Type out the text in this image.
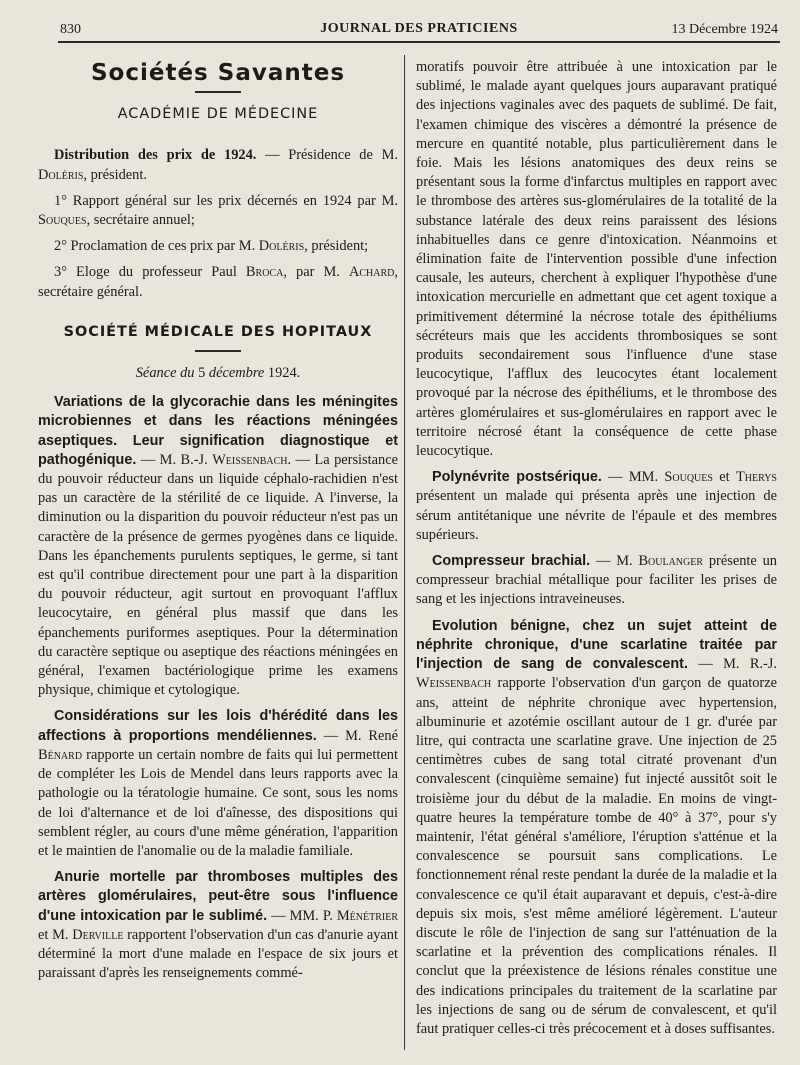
830	JOURNAL DES PRATICIENS	13 Décembre 1924
Sociétés Savantes
ACADÉMIE DE MÉDECINE

Distribution des prix de 1924. — Présidence de M. Doléris, président.

1° Rapport général sur les prix décernés en 1924 par M. Souques, secrétaire annuel;

2° Proclamation de ces prix par M. Doléris, président;

3° Eloge du professeur Paul Broca, par M. Achard, secrétaire général.

SOCIÉTÉ MÉDICALE DES HOPITAUX
Séance du 5 décembre 1924.

Variations de la glycorachie dans les méningites microbiennes et dans les réactions méningées aseptiques. Leur signification diagnostique et pathogénique. — M. B.-J. Weissenbach. — La persistance du pouvoir réducteur dans un liquide céphalo-rachidien n'est pas un caractère de la stérilité de ce liquide. A l'inverse, la diminution ou la disparition du pouvoir réducteur n'est pas un caractère de la présence de germes pyogènes dans ce liquide. Dans les épanchements purulents septiques, le germe, si tant est qu'il contribue directement pour une part à la disparition du pouvoir réducteur, agit surtout en provoquant l'afflux leucocytaire, en général plus massif que dans les épanchements puriformes aseptiques. Pour la détermination du caractère septique ou aseptique des réactions méningées en général, l'examen bactériologique prime les examens physique, chimique et cytologique.

Considérations sur les lois d'hérédité dans les affections à proportions mendéliennes. — M. René Bénard rapporte un certain nombre de faits qui lui permettent de compléter les Lois de Mendel dans leurs rapports avec la pathologie ou la tératologie humaine. Ce sont, sous les noms de loi d'alternance et de loi d'aînesse, des dispositions qui semblent régler, au cours d'une même génération, l'apparition et le maintien de l'anomalie ou de la maladie familiale.

Anurie mortelle par thromboses multiples des artères glomérulaires, peut-être sous l'influence d'une intoxication par le sublimé. — MM. P. Ménétrier et M. Derville rapportent l'observation d'un cas d'anurie ayant déterminé la mort d'une malade en l'espace de six jours et paraissant d'après les renseignements commé-

moratifs pouvoir être attribuée à une intoxication par le sublimé, le malade ayant quelques jours auparavant pratiqué des injections vaginales avec des paquets de sublimé. De fait, l'examen chimique des viscères a démontré la présence de mercure en quantité notable, plus particulièrement dans le foie. Mais les lésions anatomiques des deux reins se présentant sous la forme d'infarctus multiples en rapport avec le thrombose des artères sus-glomérulaires de la totalité de la substance latérale des deux reins paraissent des lésions inhabituelles dans ce genre d'intoxication. Néanmoins et élimination faite de l'intervention possible d'une infection causale, les auteurs, cherchent à expliquer l'hypothèse d'une intoxication mercurielle en admettant que cet agent toxique a primitivement déterminé la nécrose totale des épithéliums sécréteurs mais que les accidents thrombosiques se sont produits secondairement sous l'influence d'une stase leucocytique, l'afflux des leucocytes étant localement provoqué par la nécrose des épithéliums, et le thrombose des artères glomérulaires et sus-glomérulaires en rapport avec le territoire nécrosé étant la conséquence de cette phase leucocytique.

Polynévrite postsérique. — MM. Souques et Therys présentent un malade qui présenta après une injection de sérum antitétanique une névrite de l'épaule et des membres supérieurs.

Compresseur brachial. — M. Boulanger présente un compresseur brachial métallique pour faciliter les prises de sang et les injections intraveineuses.

Evolution bénigne, chez un sujet atteint de néphrite chronique, d'une scarlatine traitée par l'injection de sang de convalescent. — M. R.-J. Weissenbach rapporte l'observation d'un garçon de quatorze ans, atteint de néphrite chronique avec hypertension, albuminurie et azotémie oscillant autour de 1 gr. d'urée par litre, qui contracta une scarlatine grave. Une injection de 25 centimètres cubes de sang total citraté provenant d'un convalescent (cinquième semaine) fut injecté aussitôt soit le troisième jour du début de la maladie. En moins de vingt-quatre heures la température tombe de 40° à 37°, pour s'y maintenir, l'état général s'améliore, l'éruption s'atténue et la convalescence se poursuit sans complications. Le fonctionnement rénal reste pendant la durée de la maladie et la convalescence ce qu'il était auparavant et depuis, c'est-à-dire depuis six mois, s'est même amélioré légèrement. L'auteur discute le rôle de l'injection de sang sur l'atténuation de la scarlatine et la prévention des complications rénales. Il conclut que la préexistence de lésions rénales constitue une des indications principales du traitement de la scarlatine par les injections de sang ou de sérum de convalescent, et qu'il faut pratiquer celles-ci très précocement et à doses suffisantes.
